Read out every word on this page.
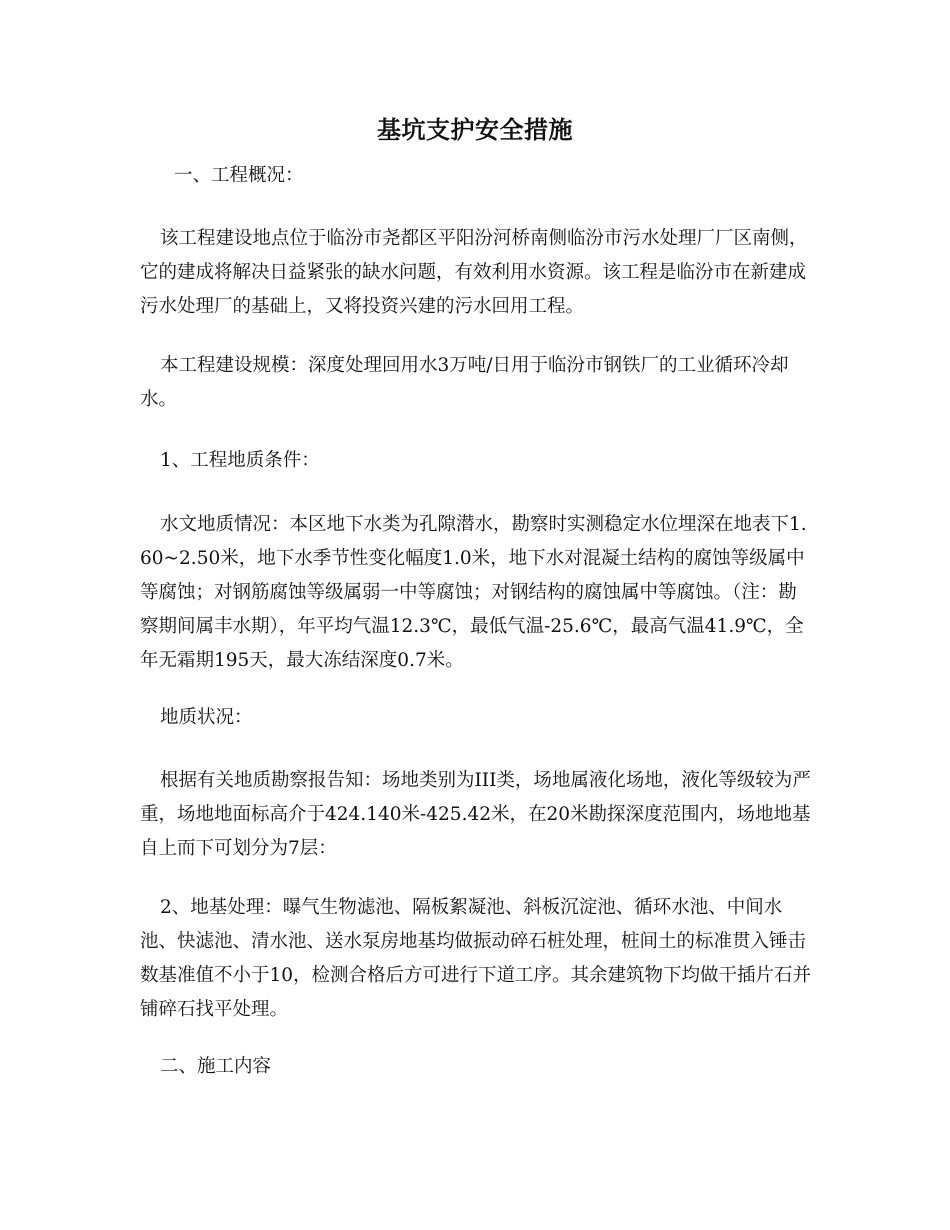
基坑支护安全措施

一、工程概况：

该工程建设地点位于临汾市尧都区平阳汾河桥南侧临汾市污水处理厂厂区南侧，它的建成将解决日益紧张的缺水问题，有效利用水资源。该工程是临汾市在新建成污水处理厂的基础上，又将投资兴建的污水回用工程。

本工程建设规模：深度处理回用水3万吨/日用于临汾市钢铁厂的工业循环冷却水。

1、工程地质条件：

水文地质情况：本区地下水类为孔隙潜水，勘察时实测稳定水位埋深在地表下1.60~2.50米，地下水季节性变化幅度1.0米，地下水对混凝土结构的腐蚀等级属中等腐蚀；对钢筋腐蚀等级属弱一中等腐蚀；对钢结构的腐蚀属中等腐蚀。（注：勘察期间属丰水期），年平均气温12.3℃，最低气温-25.6℃，最高气温41.9℃，全年无霜期195天，最大冻结深度0.7米。

地质状况：

根据有关地质勘察报告知：场地类别为III类，场地属液化场地，液化等级较为严重，场地地面标高介于424.140米-425.42米，在20米勘探深度范围内，场地地基自上而下可划分为7层：

2、地基处理：曝气生物滤池、隔板絮凝池、斜板沉淀池、循环水池、中间水池、快滤池、清水池、送水泵房地基均做振动碎石桩处理，桩间土的标准贯入锤击数基准值不小于10，检测合格后方可进行下道工序。其余建筑物下均做干插片石并铺碎石找平处理。

二、施工内容
